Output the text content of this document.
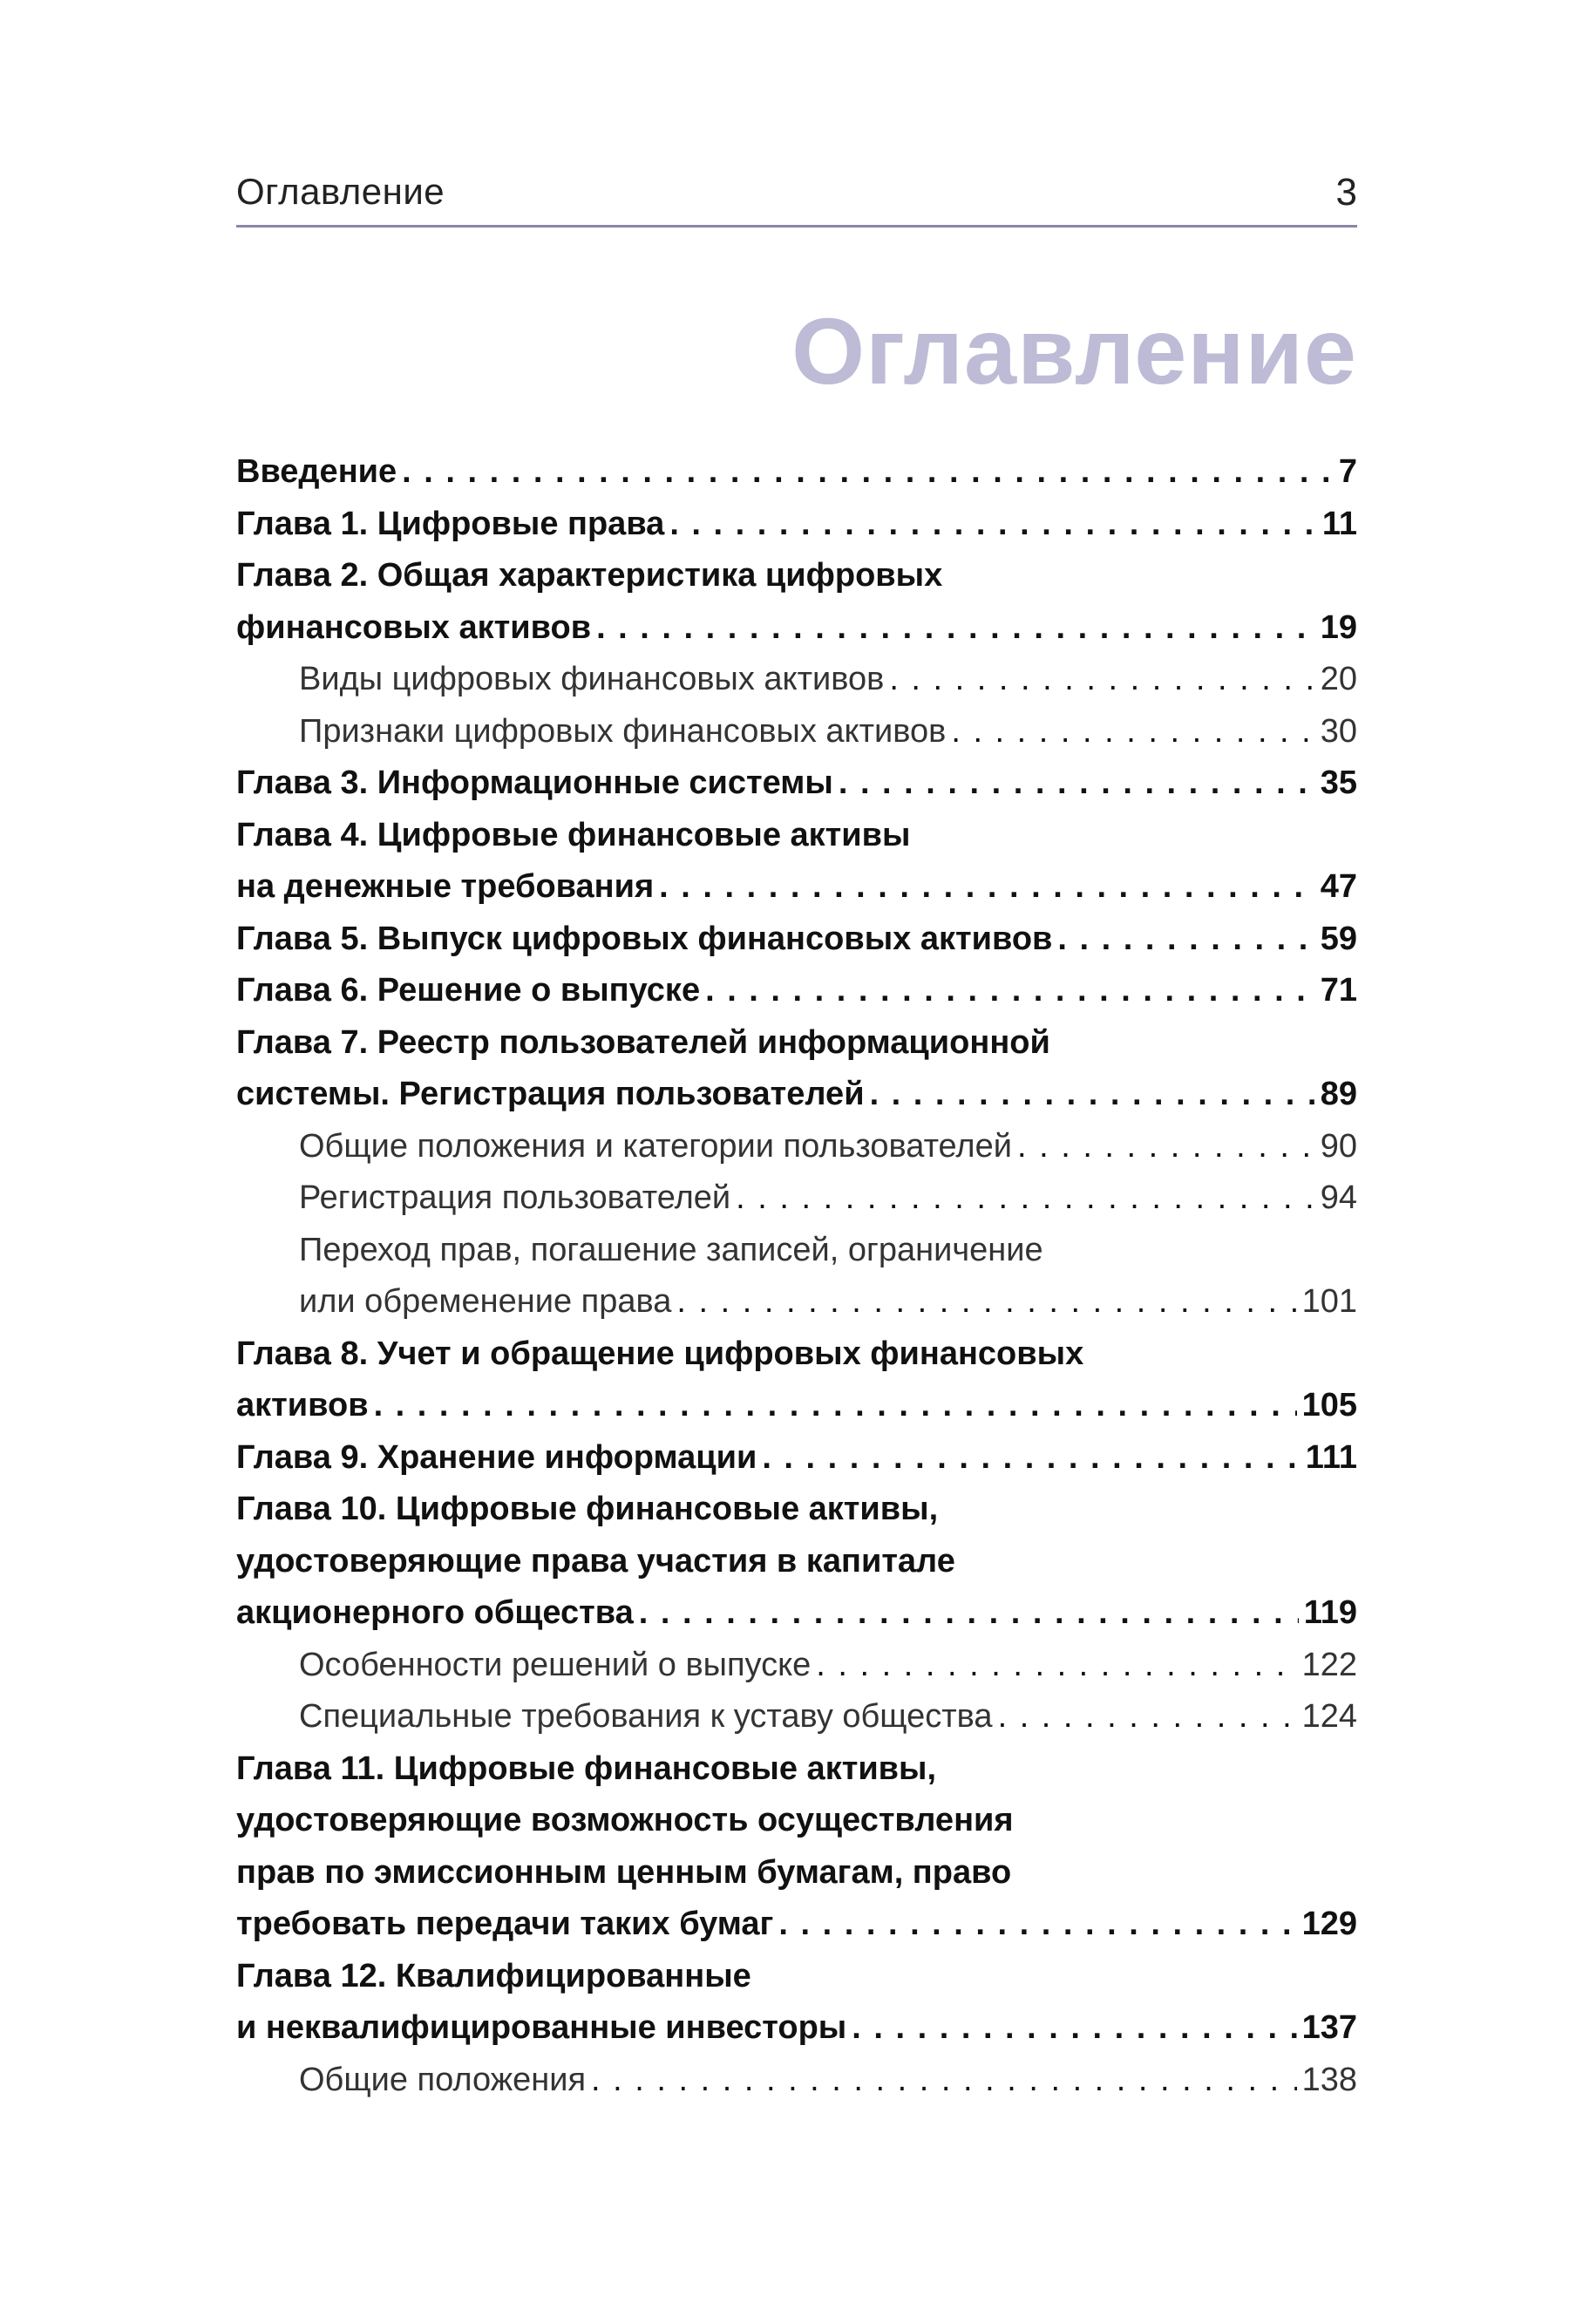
Оглавление	3
Оглавление
Введение . . .	7
Глава 1. Цифровые права . . .	11
Глава 2. Общая характеристика цифровых
финансовых активов . . .	19
Виды цифровых финансовых активов . . .	20
Признаки цифровых финансовых активов . . .	30
Глава 3. Информационные системы . . .	35
Глава 4. Цифровые финансовые активы
на денежные требования . . .	47
Глава 5. Выпуск цифровых финансовых активов . . .	59
Глава 6. Решение о выпуске . . .	71
Глава 7. Реестр пользователей информационной
системы. Регистрация пользователей . . .	89
Общие положения и категории пользователей . . .	90
Регистрация пользователей . . .	94
Переход прав, погашение записей, ограничение
или обременение права . . .	101
Глава 8. Учет и обращение цифровых финансовых
активов . . .	105
Глава 9. Хранение информации . . .	111
Глава 10. Цифровые финансовые активы,
удостоверяющие права участия в капитале
акционерного общества . . .	119
Особенности решений о выпуске . . .	122
Специальные требования к уставу общества . . .	124
Глава 11. Цифровые финансовые активы,
удостоверяющие возможность осуществления
прав по эмиссионным ценным бумагам, право
требовать передачи таких бумаг . . .	129
Глава 12. Квалифицированные
и неквалифицированные инвесторы . . .	137
Общие положения . . .	138
